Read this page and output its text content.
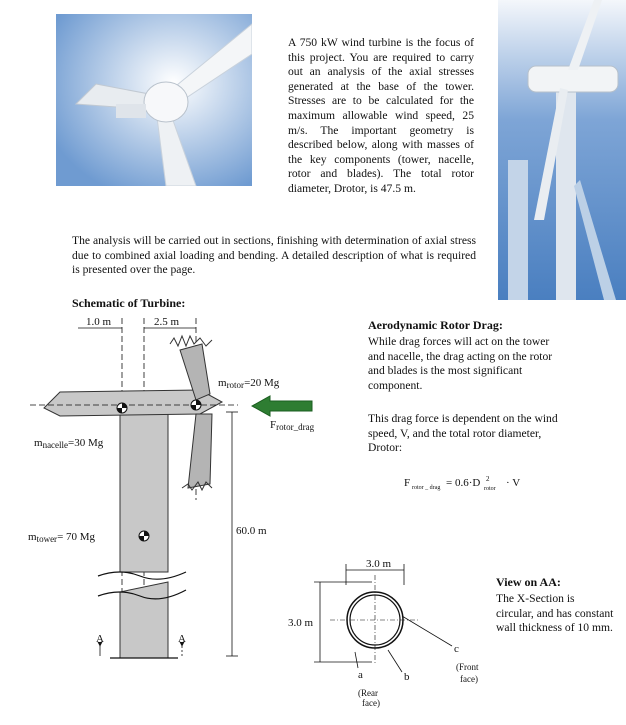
A 750 kW wind turbine is the focus of this project. You are required to carry out an analysis of the axial stresses generated at the base of the tower. Stresses are to be calculated for the maximum allowable wind speed, 25 m/s. The important geometry is described below, along with masses of the key components (tower, nacelle, rotor and blades). The total rotor diameter, Drotor, is 47.5 m.

The analysis will be carried out in sections, finishing with determination of axial stress due to combined axial loading and bending. A detailed description of what is required is presented over the page.

Schematic of Turbine:

Aerodynamic Rotor Drag:

While drag forces will act on the tower and nacelle, the drag acting on the rotor and blades is the most significant component.

This drag force is dependent on the wind speed, V, and the total rotor diameter, Drotor:

View on AA:

The X-Section is circular, and has constant wall thickness of 10 mm.

1.0 m	2.5 m
mrotor=20 Mg
mnacelle=30 Mg
mtower= 70 Mg
Frotor_drag
60.0 m
A	A
F rotor _ drag = 0.6·D 2
rotor · V
3.0 m
3.0 m
a	b
c
(Rear
face)
(Front
face)
